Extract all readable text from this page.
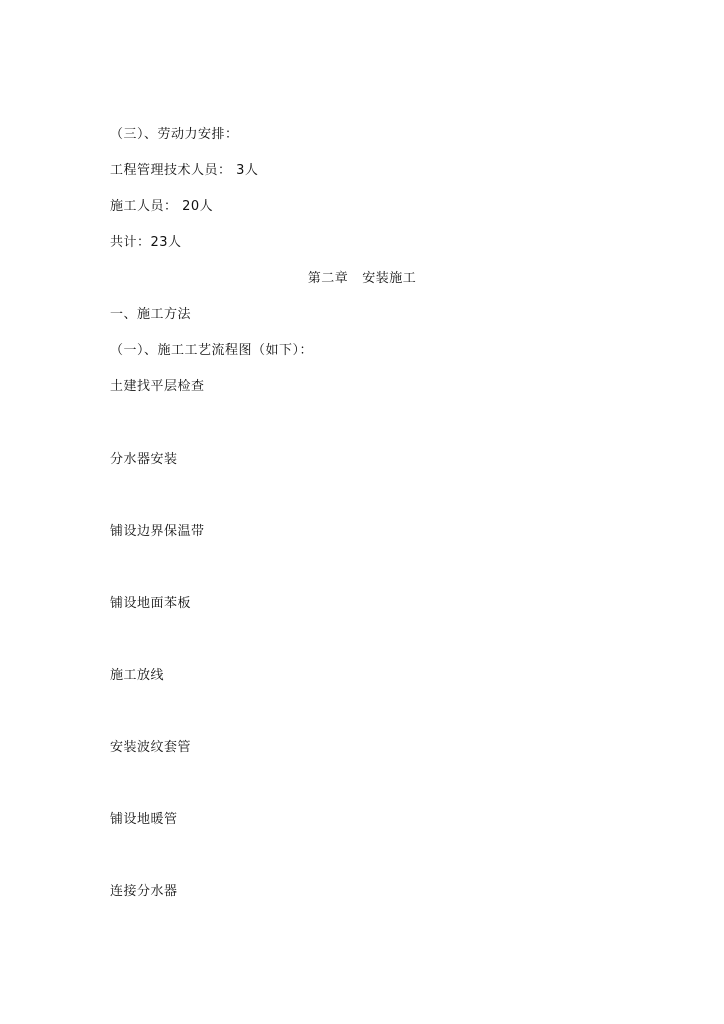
（三）、劳动力安排：
工程管理技术人员： 3人
施工人员： 20人
共计：23人
第二章   安装施工
一、施工方法
（一）、施工工艺流程图（如下）：
土建找平层检查
分水器安装
铺设边界保温带
铺设地面苯板
施工放线
安装波纹套管
铺设地暖管
连接分水器
